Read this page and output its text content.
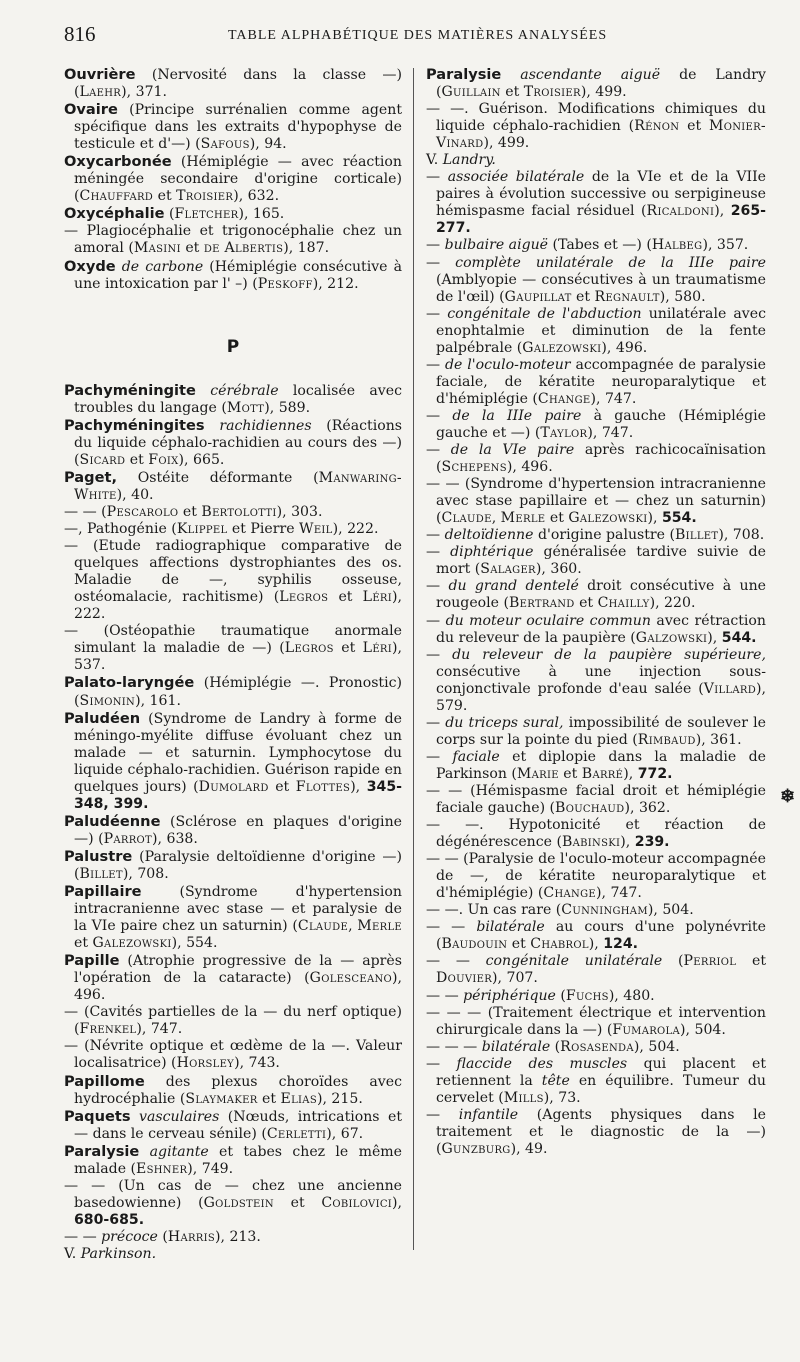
816	TABLE ALPHABÉTIQUE DES MATIÈRES ANALYSÉES

Ouvrière (Nervosité dans la classe —) (Laehr), 371.

Ovaire (Principe surrénalien comme agent spécifique dans les extraits d'hypophyse de testicule et d'—) (Safous), 94.

Oxycarbonée (Hémiplégie — avec réaction méningée secondaire d'origine corticale) (Chauffard et Troisier), 632.

Oxycéphalie (Fletcher), 165.

— Plagiocéphalie et trigonocéphalie chez un amoral (Masini et de Albertis), 187.

Oxyde de carbone (Hémiplégie consécutive à une intoxication par l' –) (Peskoff), 212.

P

Pachyméningite cérébrale localisée avec troubles du langage (Mott), 589.

Pachyméningites rachidiennes (Réactions du liquide céphalo-rachidien au cours des —) (Sicard et Foix), 665.

Paget, Ostéite déformante (Manwaring-White), 40.

— — (Pescarolo et Bertolotti), 303.

—, Pathogénie (Klippel et Pierre Weil), 222.

— (Etude radiographique comparative de quelques affections dystrophiantes des os. Maladie de —, syphilis osseuse, ostéomalacie, rachitisme) (Legros et Léri), 222.

— (Ostéopathie traumatique anormale simulant la maladie de —) (Legros et Léri), 537.

Palato-laryngée (Hémiplégie —. Pronostic) (Simonin), 161.

Paludéen (Syndrome de Landry à forme de méningo-myélite diffuse évoluant chez un malade — et saturnin. Lymphocytose du liquide céphalo-rachidien. Guérison rapide en quelques jours) (Dumolard et Flottes), 345-348, 399.

Paludéenne (Sclérose en plaques d'origine —) (Parrot), 638.

Palustre (Paralysie deltoïdienne d'origine —) (Billet), 708.

Papillaire (Syndrome d'hypertension intracranienne avec stase — et paralysie de la VIe paire chez un saturnin) (Claude, Merle et Galezowski), 554.

Papille (Atrophie progressive de la — après l'opération de la cataracte) (Golesceano), 496.

— (Cavités partielles de la — du nerf optique) (Frenkel), 747.

— (Névrite optique et œdème de la —. Valeur localisatrice) (Horsley), 743.

Papillome des plexus choroïdes avec hydrocéphalie (Slaymaker et Elias), 215.

Paquets vasculaires (Nœuds, intrications et — dans le cerveau sénile) (Cerletti), 67.

Paralysie agitante et tabes chez le même malade (Eshner), 749.

— — (Un cas de — chez une ancienne basedowienne) (Goldstein et Cobilovici), 680-685.

— — précoce (Harris), 213.

V. Parkinson.

Paralysie ascendante aiguë de Landry (Guillain et Troisier), 499.

— —. Guérison. Modifications chimiques du liquide céphalo-rachidien (Rénon et Monier-Vinard), 499.

V. Landry.

— associée bilatérale de la VIe et de la VIIe paires à évolution successive ou serpigineuse hémispasme facial résiduel (Ricaldoni), 265-277.

— bulbaire aiguë (Tabes et —) (Halbeg), 357.

— complète unilatérale de la IIIe paire (Amblyopie — consécutives à un traumatisme de l'œil) (Gaupillat et Regnault), 580.

— congénitale de l'abduction unilatérale avec enophtalmie et diminution de la fente palpébrale (Galezowski), 496.

— de l'oculo-moteur accompagnée de paralysie faciale, de kératite neuroparalytique et d'hémiplégie (Change), 747.

— de la IIIe paire à gauche (Hémiplégie gauche et —) (Taylor), 747.

— de la VIe paire après rachicocaïnisation (Schepens), 496.

— — (Syndrome d'hypertension intracranienne avec stase papillaire et — chez un saturnin) (Claude, Merle et Galezowski), 554.

— deltoïdienne d'origine palustre (Billet), 708.

— diphtérique généralisée tardive suivie de mort (Salager), 360.

— du grand dentelé droit consécutive à une rougeole (Bertrand et Chailly), 220.

— du moteur oculaire commun avec rétraction du releveur de la paupière (Galzowski), 544.

— du releveur de la paupière supérieure, consécutive à une injection sous-conjonctivale profonde d'eau salée (Villard), 579.

— du triceps sural, impossibilité de soulever le corps sur la pointe du pied (Rimbaud), 361.

— faciale et diplopie dans la maladie de Parkinson (Marie et Barré), 772.

— — (Hémispasme facial droit et hémiplégie faciale gauche) (Bouchaud), 362.

— —. Hypotonicité et réaction de dégénérescence (Babinski), 239.

— — (Paralysie de l'oculo-moteur accompagnée de —, de kératite neuroparalytique et d'hémiplégie) (Change), 747.

— —. Un cas rare (Cunningham), 504.

— — bilatérale au cours d'une polynévrite (Baudouin et Chabrol), 124.

— — congénitale unilatérale (Perriol et Douvier), 707.

— — périphérique (Fuchs), 480.

— — — (Traitement électrique et intervention chirurgicale dans la —) (Fumarola), 504.

— — — bilatérale (Rosasenda), 504.

— flaccide des muscles qui placent et retiennent la tête en équilibre. Tumeur du cervelet (Mills), 73.

— infantile (Agents physiques dans le traitement et le diagnostic de la —) (Gunzburg), 49.

❄
